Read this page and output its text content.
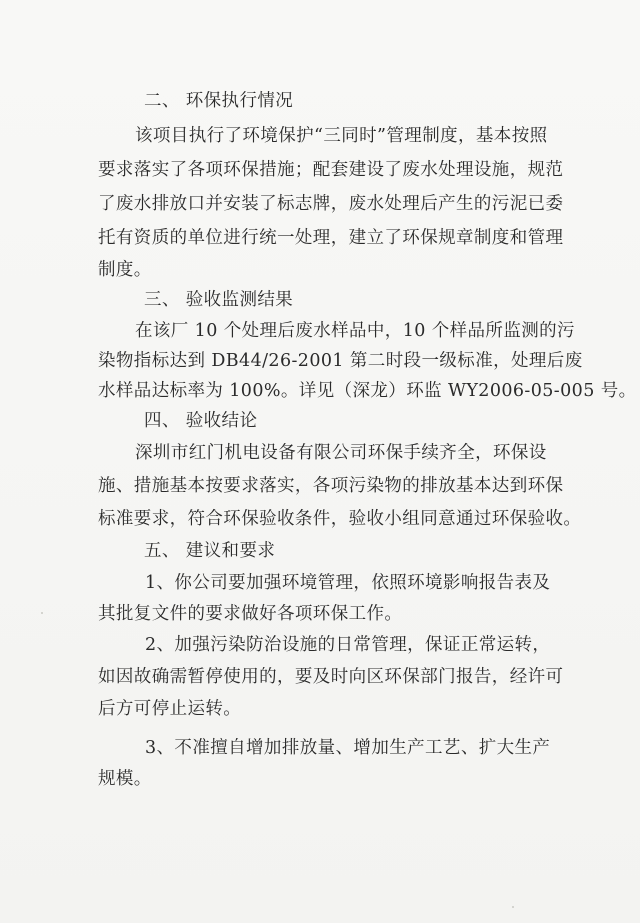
二、 环保执行情况
该项目执行了环境保护“三同时”管理制度，基本按照
要求落实了各项环保措施；配套建设了废水处理设施，规范
了废水排放口并安装了标志牌，废水处理后产生的污泥已委
托有资质的单位进行统一处理，建立了环保规章制度和管理
制度。
三、 验收监测结果
在该厂 10 个处理后废水样品中，10 个样品所监测的污
染物指标达到 DB44/26-2001 第二时段一级标准，处理后废
水样品达标率为 100%。详见（深龙）环监 WY2006-05-005 号。
四、 验收结论
深圳市红门机电设备有限公司环保手续齐全，环保设
施、措施基本按要求落实，各项污染物的排放基本达到环保
标准要求，符合环保验收条件，验收小组同意通过环保验收。
五、 建议和要求
1、你公司要加强环境管理，依照环境影响报告表及
其批复文件的要求做好各项环保工作。
2、加强污染防治设施的日常管理，保证正常运转，
如因故确需暂停使用的，要及时向区环保部门报告，经许可
后方可停止运转。
3、不准擅自增加排放量、增加生产工艺、扩大生产
规模。
